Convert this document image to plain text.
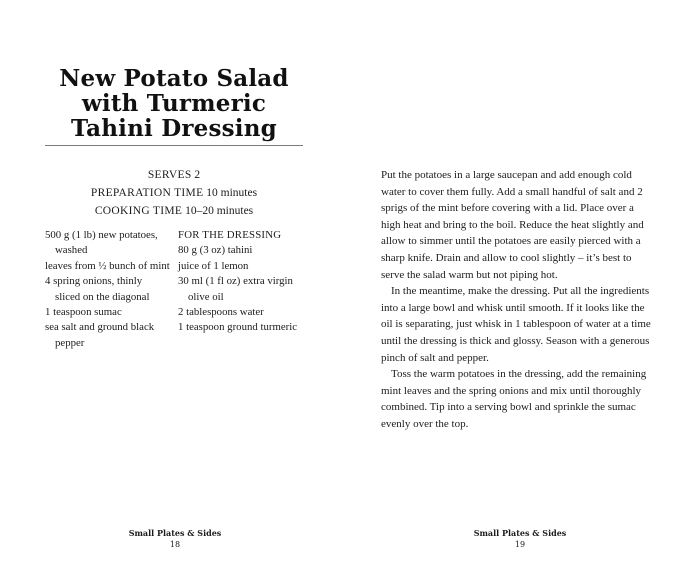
New Potato Salad
with Turmeric
Tahini Dressing
SERVES 2
PREPARATION TIME 10 minutes
COOKING TIME 10–20 minutes
500 g (1 lb) new potatoes, washed
leaves from ½ bunch of mint
4 spring onions, thinly sliced on the diagonal
1 teaspoon sumac
sea salt and ground black pepper
FOR THE DRESSING
80 g (3 oz) tahini
juice of 1 lemon
30 ml (1 fl oz) extra virgin olive oil
2 tablespoons water
1 teaspoon ground turmeric
Small Plates & Sides
18

Put the potatoes in a large saucepan and add enough cold water to cover them fully. Add a small handful of salt and 2 sprigs of the mint before covering with a lid. Place over a high heat and bring to the boil. Reduce the heat slightly and allow to simmer until the potatoes are easily pierced with a sharp knife. Drain and allow to cool slightly – it’s best to serve the salad warm but not piping hot.

In the meantime, make the dressing. Put all the ingredients into a large bowl and whisk until smooth. If it looks like the oil is separating, just whisk in 1 tablespoon of water at a time until the dressing is thick and glossy. Season with a generous pinch of salt and pepper.

Toss the warm potatoes in the dressing, add the remaining mint leaves and the spring onions and mix until thoroughly combined. Tip into a serving bowl and sprinkle the sumac evenly over the top.

Small Plates & Sides
19
